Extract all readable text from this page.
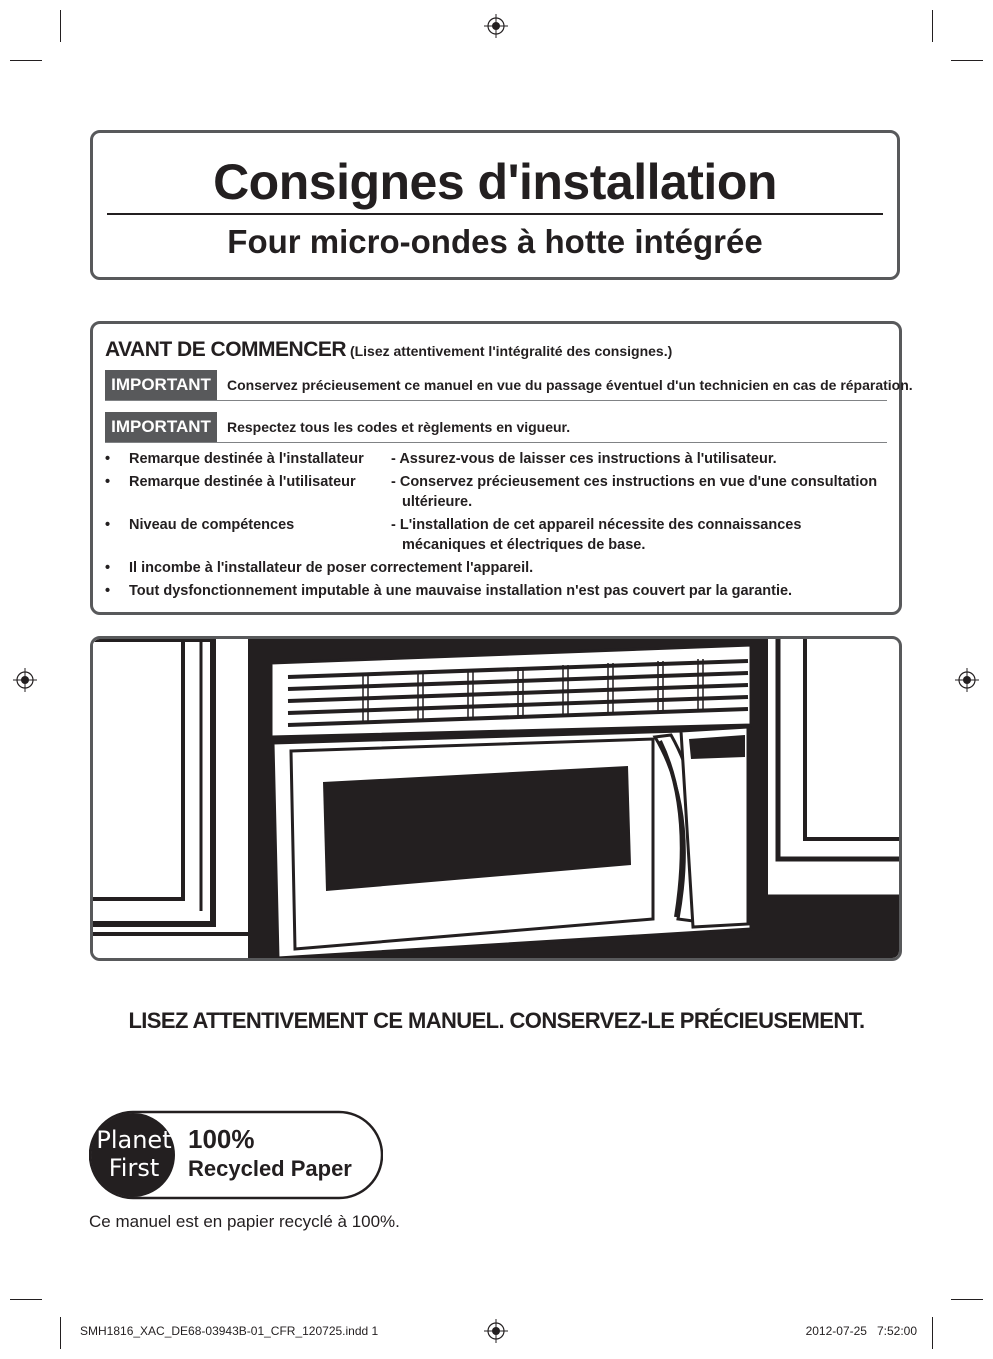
Consignes d'installation
Four micro-ondes à hotte intégrée
AVANT DE COMMENCER (Lisez attentivement l'intégralité des consignes.)
IMPORTANT	Conservez précieusement ce manuel en vue du passage éventuel d'un technicien en cas de réparation.
IMPORTANT	Respectez tous les codes et règlements en vigueur.
• Remarque destinée à l'installateur - Assurez-vous de laisser ces instructions à l'utilisateur.
• Remarque destinée à l'utilisateur - Conservez précieusement ces instructions en vue d'une consultation
ultérieure.
• Niveau de compétences	- L'installation de cet appareil nécessite des connaissances
mécaniques et électriques de base.
• Il incombe à l'installateur de poser correctement l'appareil.
• Tout dysfonctionnement imputable à une mauvaise installation n'est pas couvert par la garantie.
LISEZ ATTENTIVEMENT CE MANUEL. CONSERVEZ-LE PRÉCIEUSEMENT.
Planet
First
100%
Recycled Paper
Ce manuel est en papier recyclé à 100%.
SMH1816_XAC_DE68-03943B-01_CFR_120725.indd 1	2012-07-25   7:52:00
